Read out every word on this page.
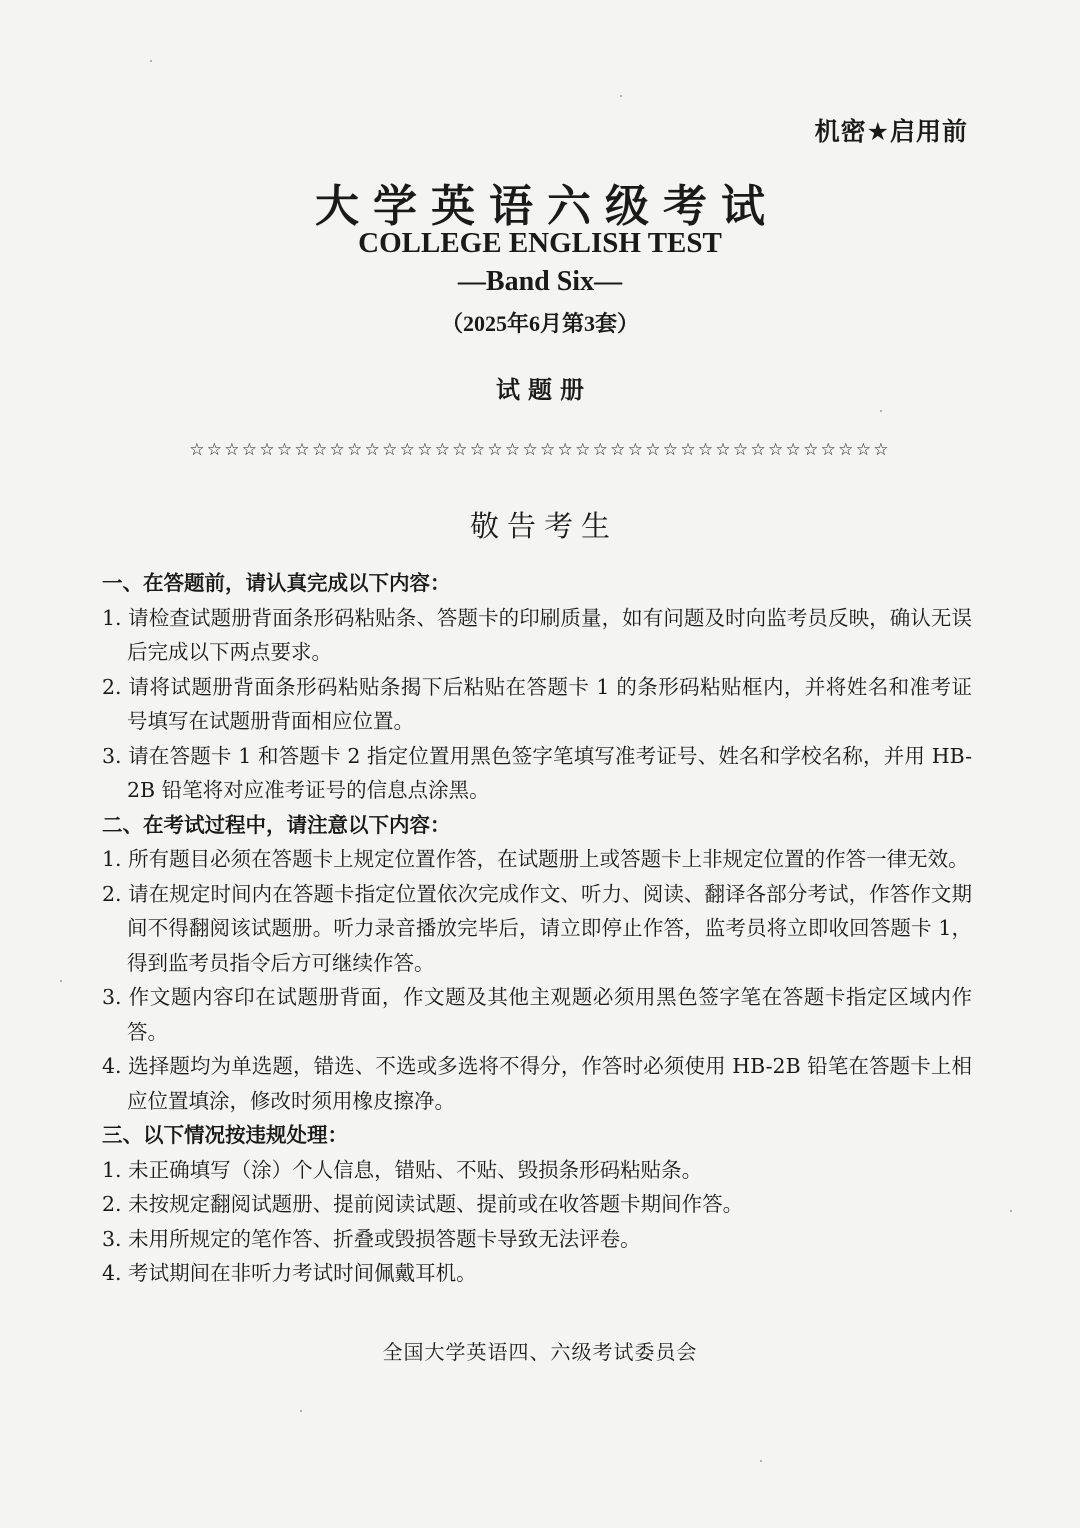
机密★启用前
大学英语六级考试
COLLEGE ENGLISH TEST
—Band Six—
（2025年6月第3套）
试题册
☆☆☆☆☆☆☆☆☆☆☆☆☆☆☆☆☆☆☆☆☆☆☆☆☆☆☆☆☆☆☆☆☆☆☆☆☆☆☆☆
敬告考生

一、在答题前，请认真完成以下内容：

1. 请检查试题册背面条形码粘贴条、答题卡的印刷质量，如有问题及时向监考员反映，确认无误后完成以下两点要求。

2. 请将试题册背面条形码粘贴条揭下后粘贴在答题卡 1 的条形码粘贴框内，并将姓名和准考证号填写在试题册背面相应位置。

3. 请在答题卡 1 和答题卡 2 指定位置用黑色签字笔填写准考证号、姓名和学校名称，并用 HB-2B 铅笔将对应准考证号的信息点涂黑。

二、在考试过程中，请注意以下内容：

1. 所有题目必须在答题卡上规定位置作答，在试题册上或答题卡上非规定位置的作答一律无效。

2. 请在规定时间内在答题卡指定位置依次完成作文、听力、阅读、翻译各部分考试，作答作文期间不得翻阅该试题册。听力录音播放完毕后，请立即停止作答，监考员将立即收回答题卡 1，得到监考员指令后方可继续作答。

3. 作文题内容印在试题册背面，作文题及其他主观题必须用黑色签字笔在答题卡指定区域内作答。

4. 选择题均为单选题，错选、不选或多选将不得分，作答时必须使用 HB-2B 铅笔在答题卡上相应位置填涂，修改时须用橡皮擦净。

三、以下情况按违规处理：

1. 未正确填写（涂）个人信息，错贴、不贴、毁损条形码粘贴条。

2. 未按规定翻阅试题册、提前阅读试题、提前或在收答题卡期间作答。

3. 未用所规定的笔作答、折叠或毁损答题卡导致无法评卷。

4. 考试期间在非听力考试时间佩戴耳机。

全国大学英语四、六级考试委员会
